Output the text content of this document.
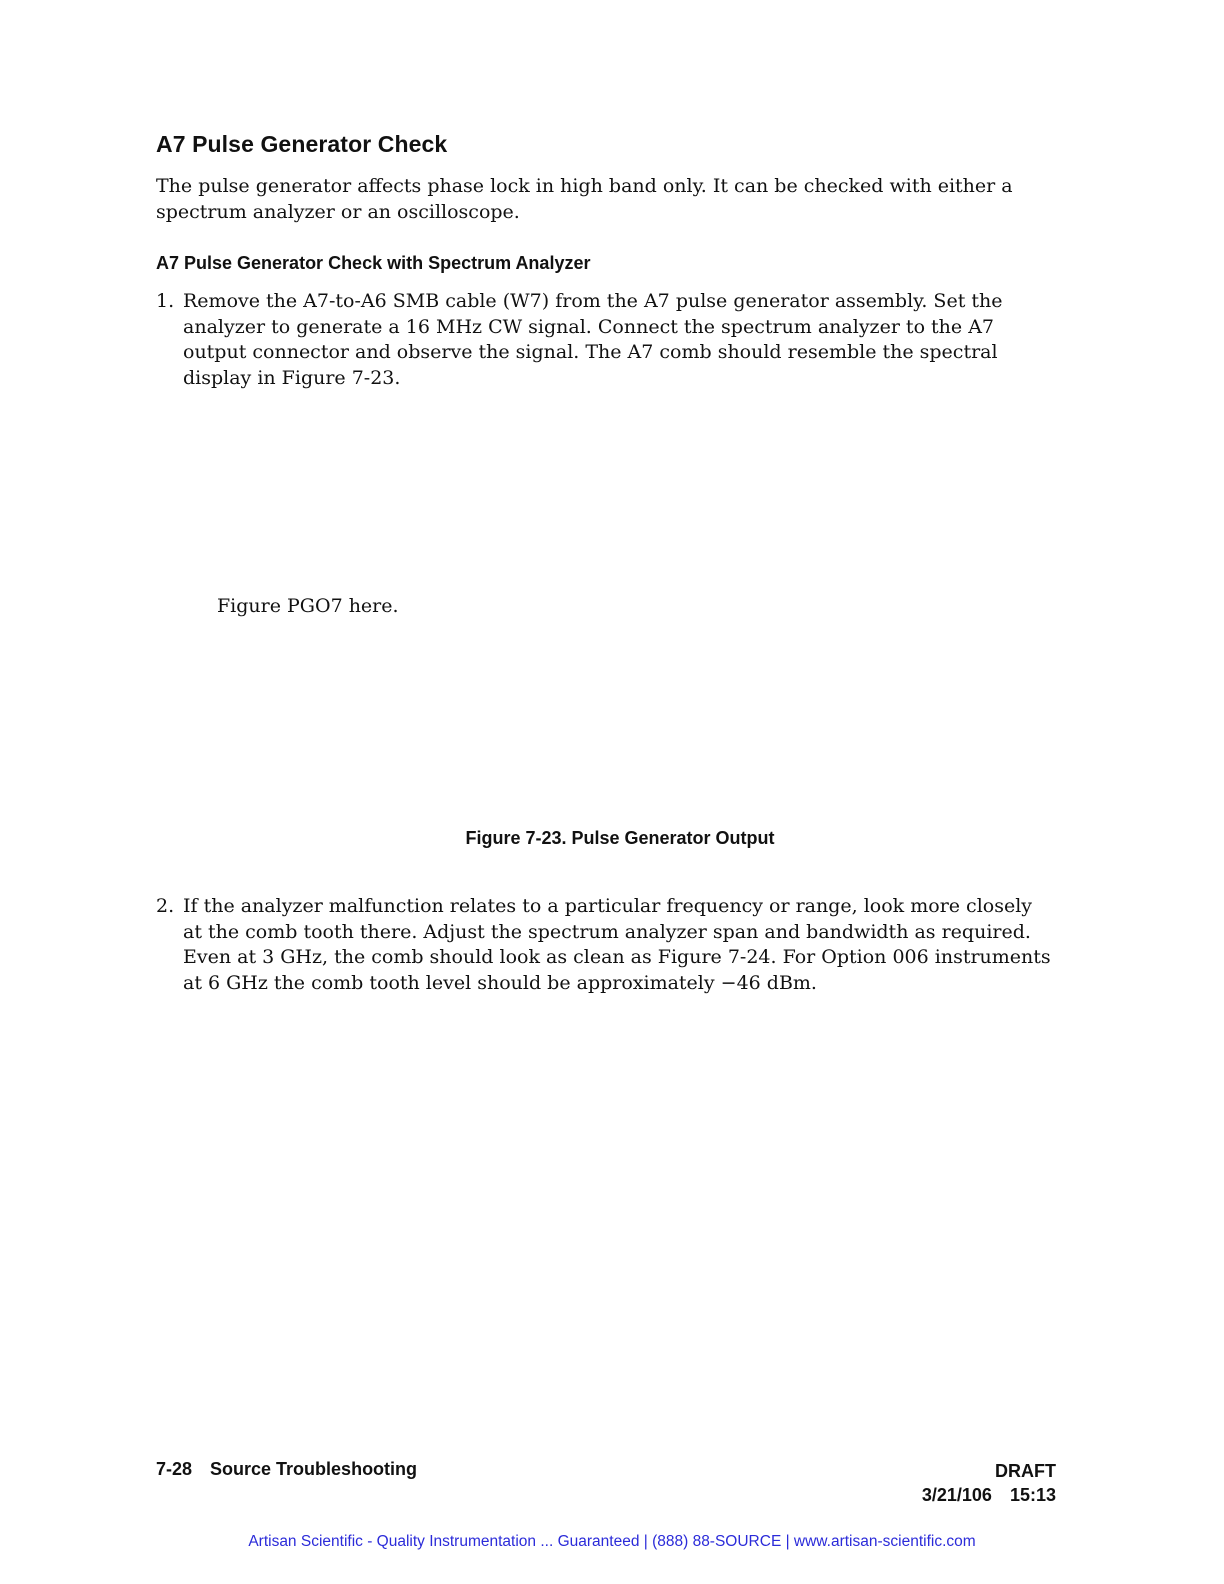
A7 Pulse Generator Check
The pulse generator affects phase lock in high band only. It can be checked with either a spectrum analyzer or an oscilloscope.
A7 Pulse Generator Check with Spectrum Analyzer
1. Remove the A7-to-A6 SMB cable (W7) from the A7 pulse generator assembly. Set the analyzer to generate a 16 MHz CW signal. Connect the spectrum analyzer to the A7 output connector and observe the signal. The A7 comb should resemble the spectral display in Figure 7-23.
Figure PGO7 here.
Figure 7-23. Pulse Generator Output
2. If the analyzer malfunction relates to a particular frequency or range, look more closely at the comb tooth there. Adjust the spectrum analyzer span and bandwidth as required. Even at 3 GHz, the comb should look as clean as Figure 7-24. For Option 006 instruments at 6 GHz the comb tooth level should be approximately −46 dBm.
7-28 Source Troubleshooting	DRAFT
3/21/106 15:13
Artisan Scientific - Quality Instrumentation ... Guaranteed | (888) 88-SOURCE | www.artisan-scientific.com
